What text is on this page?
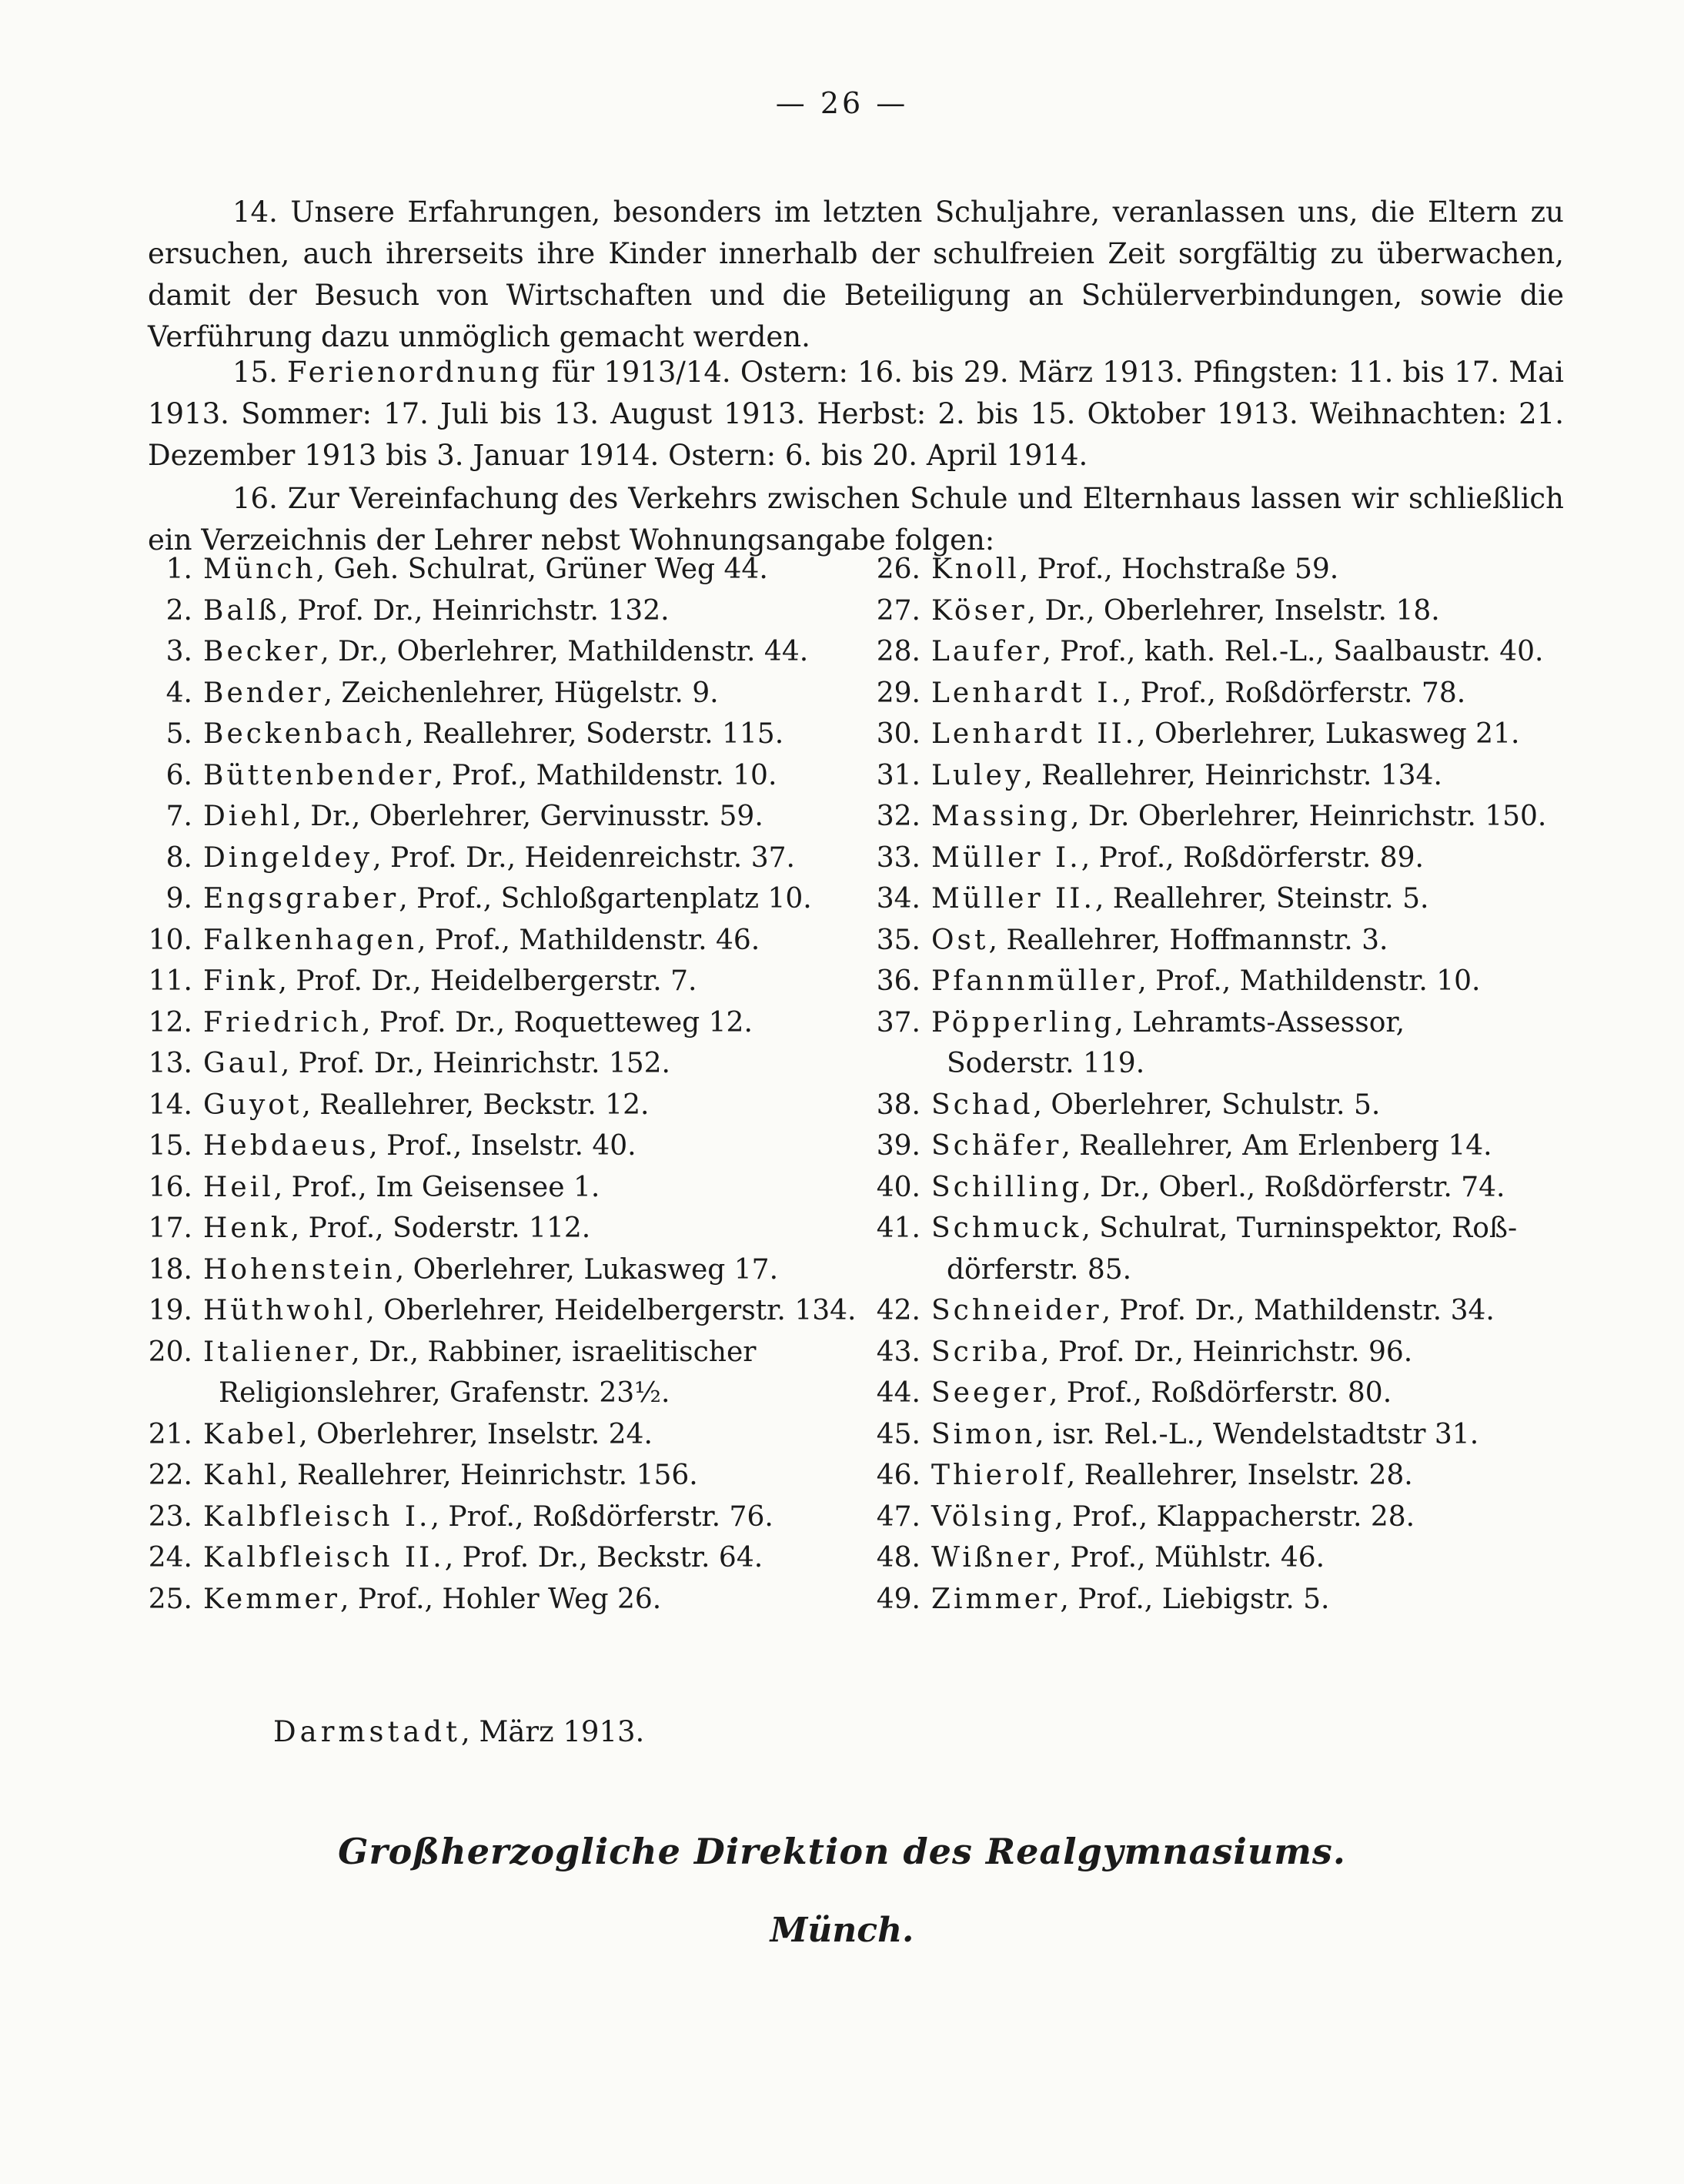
— 26 —

14. Unsere Erfahrungen, besonders im letzten Schuljahre, veranlassen uns, die Eltern zu ersuchen, auch ihrerseits ihre Kinder innerhalb der schulfreien Zeit sorgfältig zu überwachen, damit der Besuch von Wirtschaften und die Beteiligung an Schülerverbindungen, sowie die Verführung dazu unmöglich gemacht werden.

15. Ferienordnung für 1913/14. Ostern: 16. bis 29. März 1913. Pfingsten: 11. bis 17. Mai 1913. Sommer: 17. Juli bis 13. August 1913. Herbst: 2. bis 15. Oktober 1913. Weihnachten: 21. Dezember 1913 bis 3. Januar 1914. Ostern: 6. bis 20. April 1914.

16. Zur Vereinfachung des Verkehrs zwischen Schule und Elternhaus lassen wir schließlich ein Verzeichnis der Lehrer nebst Wohnungsangabe folgen:

1. Münch, Geh. Schulrat, Grüner Weg 44.
2. Balß, Prof. Dr., Heinrichstr. 132.
3. Becker, Dr., Oberlehrer, Mathildenstr. 44.
4. Bender, Zeichenlehrer, Hügelstr. 9.
5. Beckenbach, Reallehrer, Soderstr. 115.
6. Büttenbender, Prof., Mathildenstr. 10.
7. Diehl, Dr., Oberlehrer, Gervinusstr. 59.
8. Dingeldey, Prof. Dr., Heidenreichstr. 37.
9. Engsgraber, Prof., Schloßgartenplatz 10.
10. Falkenhagen, Prof., Mathildenstr. 46.
11. Fink, Prof. Dr., Heidelbergerstr. 7.
12. Friedrich, Prof. Dr., Roquetteweg 12.
13. Gaul, Prof. Dr., Heinrichstr. 152.
14. Guyot, Reallehrer, Beckstr. 12.
15. Hebdaeus, Prof., Inselstr. 40.
16. Heil, Prof., Im Geisensee 1.
17. Henk, Prof., Soderstr. 112.
18. Hohenstein, Oberlehrer, Lukasweg 17.
19. Hüthwohl, Oberlehrer, Heidelbergerstr. 134.
20. Italiener, Dr., Rabbiner, israelitischer
Religionslehrer, Grafenstr. 23½.
21. Kabel, Oberlehrer, Inselstr. 24.
22. Kahl, Reallehrer, Heinrichstr. 156.
23. Kalbfleisch I., Prof., Roßdörferstr. 76.
24. Kalbfleisch II., Prof. Dr., Beckstr. 64.
25. Kemmer, Prof., Hohler Weg 26.
26. Knoll, Prof., Hochstraße 59.
27. Köser, Dr., Oberlehrer, Inselstr. 18.
28. Laufer, Prof., kath. Rel.-L., Saalbaustr. 40.
29. Lenhardt I., Prof., Roßdörferstr. 78.
30. Lenhardt II., Oberlehrer, Lukasweg 21.
31. Luley, Reallehrer, Heinrichstr. 134.
32. Massing, Dr. Oberlehrer, Heinrichstr. 150.
33. Müller I., Prof., Roßdörferstr. 89.
34. Müller II., Reallehrer, Steinstr. 5.
35. Ost, Reallehrer, Hoffmannstr. 3.
36. Pfannmüller, Prof., Mathildenstr. 10.
37. Pöpperling, Lehramts-Assessor,
Soderstr. 119.
38. Schad, Oberlehrer, Schulstr. 5.
39. Schäfer, Reallehrer, Am Erlenberg 14.
40. Schilling, Dr., Oberl., Roßdörferstr. 74.
41. Schmuck, Schulrat, Turninspektor, Roß-
dörferstr. 85.
42. Schneider, Prof. Dr., Mathildenstr. 34.
43. Scriba, Prof. Dr., Heinrichstr. 96.
44. Seeger, Prof., Roßdörferstr. 80.
45. Simon, isr. Rel.-L., Wendelstadtstr 31.
46. Thierolf, Reallehrer, Inselstr. 28.
47. Völsing, Prof., Klappacherstr. 28.
48. Wißner, Prof., Mühlstr. 46.
49. Zimmer, Prof., Liebigstr. 5.
Darmstadt, März 1913.
Großherzogliche Direktion des Realgymnasiums.
Münch.
